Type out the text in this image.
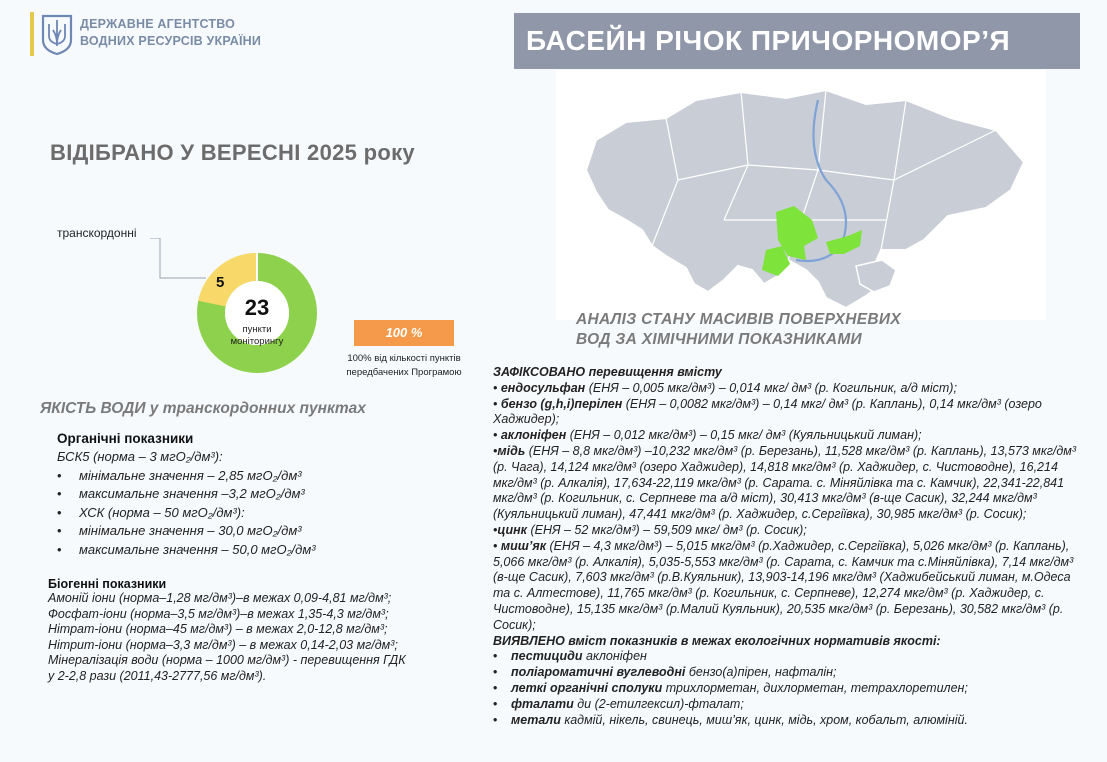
ДЕРЖАВНЕ АГЕНТСТВО
ВОДНИХ РЕСУРСІВ УКРАЇНИ	БАСЕЙН РІЧОК ПРИЧОРНОМОР’Я
ВІДІБРАНО У ВЕРЕСНІ 2025 року
транскордонні
23
пункти
моніторингу
5
100 %
100% від кількості пунктів
передбачених Програмою
АНАЛІЗ СТАНУ МАСИВІВ ПОВЕРХНЕВИХ
ВОД ЗА ХІМІЧНИМИ ПОКАЗНИКАМИ
ЯКІСТЬ ВОДИ у транскордонних пунктах
Органічні показники
БСК5 (норма – 3 мгО₂/дм³):
• мінімальне значення – 2,85 мгО₂/дм³
• максимальне значення –3,2 мгО₂/дм³
• ХСК (норма – 50 мгО₂/дм³):
• мінімальне значення – 30,0 мгО₂/дм³
• максимальне значення – 50,0 мгО₂/дм³
Біогенні показники
Амоній іони (норма–1,28 мг/дм³)–в межах 0,09-4,81 мг/дм³;
Фосфат-іони (норма–3,5 мг/дм³)–в межах 1,35-4,3 мг/дм³;
Нітрат-іони (норма–45 мг/дм³) – в межах 2,0-12,8 мг/дм³;
Нітрит-іони (норма–3,3 мг/дм³) – в межах 0,14-2,03 мг/дм³;
Мінералізація води (норма – 1000 мг/дм³) - перевищення ГДК
у 2-2,8 рази (2011,43-2777,56 мг/дм³).
ЗАФІКСОВАНО перевищення вмісту
• ендосульфан (ЕНЯ – 0,005 мкг/дм³) – 0,014 мкг/ дм³ (р. Когильник, а/д міст);
• бензо (g,h,i)перілен (ЕНЯ – 0,0082 мкг/дм³) – 0,14 мкг/ дм³ (р. Каплань), 0,14 мкг/дм³ (озеро Хаджидер);
• аклоніфен (ЕНЯ – 0,012 мкг/дм³) – 0,15 мкг/ дм³ (Куяльницький лиман);
•мідь (ЕНЯ – 8,8 мкг/дм³) –10,232 мкг/дм³ (р. Березань), 11,528 мкг/дм³ (р. Каплань), 13,573 мкг/дм³ (р. Чага), 14,124 мкг/дм³ (озеро Хаджидер), 14,818 мкг/дм³ (р. Хаджидер, с. Чистоводне), 16,214 мкг/дм³ (р. Алкалія), 17,634-22,119 мкг/дм³ (р. Сарата. с. Міняйлівка та с. Камчик), 22,341-22,841 мкг/дм³ (р. Когильник, с. Серпневе та а/д міст), 30,413 мкг/дм³ (в-ще Сасик), 32,244 мкг/дм³ (Куяльницький лиман), 47,441 мкг/дм³ (р. Хаджидер, с.Сергіївка), 30,985 мкг/дм³ (р. Сосик);
•цинк (ЕНЯ – 52 мкг/дм³) – 59,509 мкг/ дм³ (р. Сосик);
• миш’як (ЕНЯ – 4,3 мкг/дм³) – 5,015 мкг/дм³ (р.Хаджидер, с.Сергіївка), 5,026 мкг/дм³ (р. Каплань), 5,066 мкг/дм³ (р. Алкалія), 5,035-5,553 мкг/дм³ (р. Сарата, с. Камчик та с.Міняйлівка), 7,14 мкг/дм³ (в-ще Сасик), 7,603 мкг/дм³ (р.В.Куяльник), 13,903-14,196 мкг/дм³ (Хаджибейський лиман, м.Одеса та с. Алтестове), 11,765 мкг/дм³ (р. Когильник, с. Серпневе), 12,274 мкг/дм³ (р. Хаджидер, с. Чистоводне), 15,135 мкг/дм³ (р.Малий Куяльник), 20,535 мкг/дм³ (р. Березань), 30,582 мкг/дм³ (р. Сосик);
ВИЯВЛЕНО вміст показників в межах екологічних нормативів якості:
• пестициди аклоніфен
• поліароматичні вуглеводні бензо(а)пірен, нафталін;
• леткі органічні сполуки трихлорметан, дихлорметан, тетрахлоретилен;
• фталати ди (2-етилгексил)-фталат;
• метали кадмій, нікель, свинець, миш’як, цинк, мідь, хром, кобальт, алюміній.
